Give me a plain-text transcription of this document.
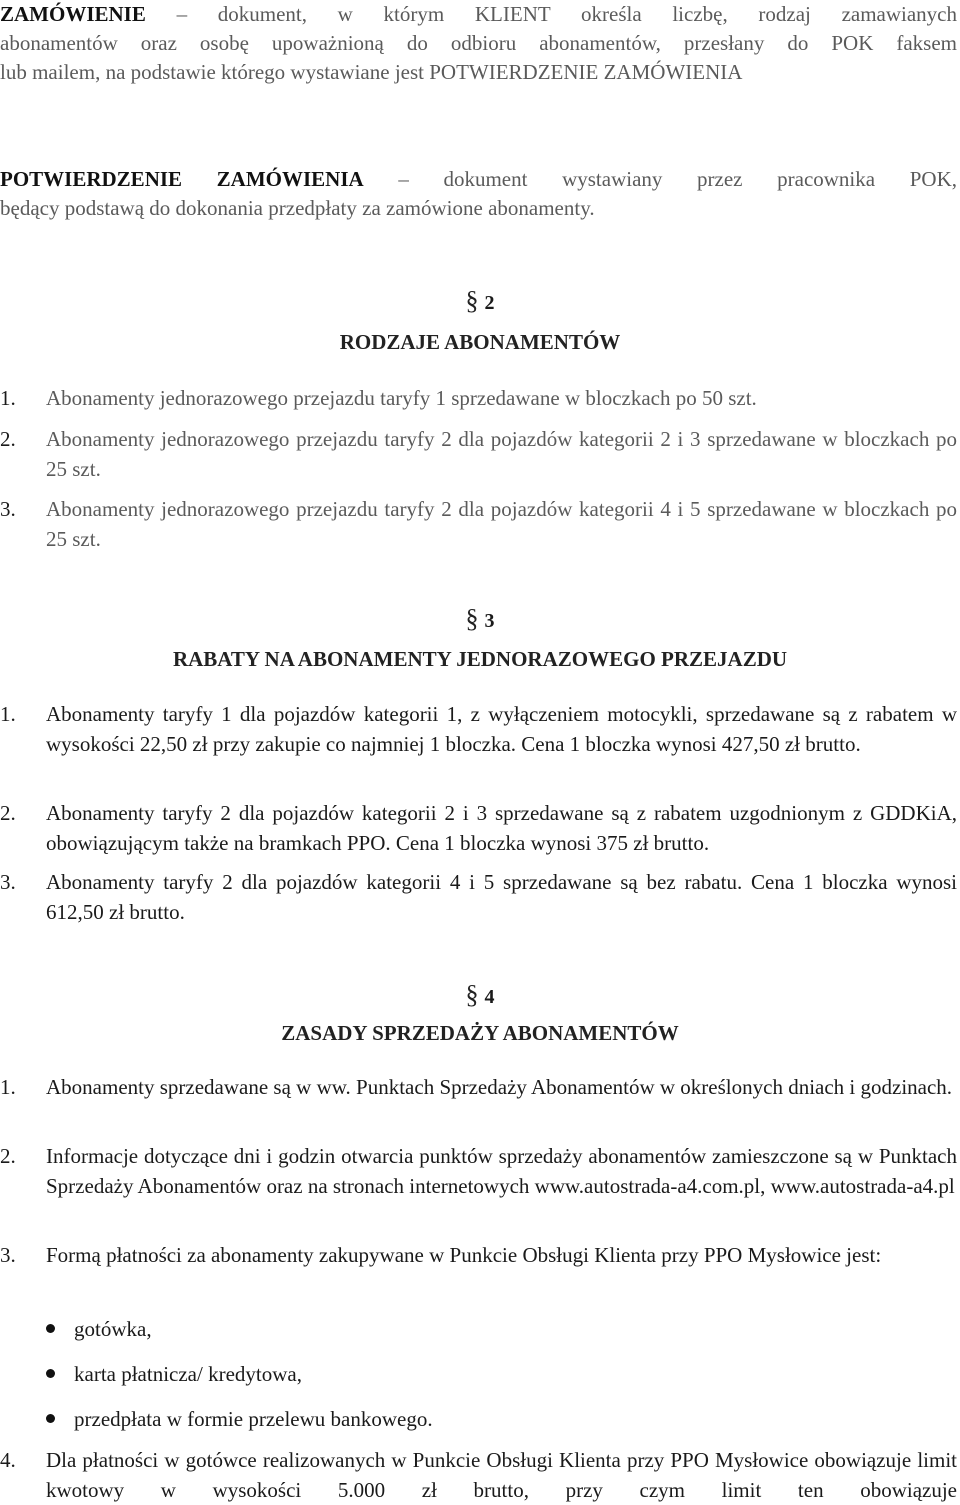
ZAMÓWIENIE – dokument, w którym KLIENT określa liczbę, rodzaj zamawianych
abonamentów oraz osobę upoważnioną do odbioru abonamentów, przesłany do POK faksem
lub mailem, na podstawie którego wystawiane jest POTWIERDZENIE ZAMÓWIENIA
POTWIERDZENIE ZAMÓWIENIA – dokument wystawiany przez pracownika POK,
będący podstawą do dokonania przedpłaty za zamówione abonamenty.
§ 2
RODZAJE ABONAMENTÓW
1.	Abonamenty jednorazowego przejazdu taryfy 1 sprzedawane w bloczkach po 50 szt.
2.	Abonamenty jednorazowego przejazdu taryfy 2 dla pojazdów kategorii 2 i 3 sprzedawane w bloczkach po 25 szt.
3.	Abonamenty jednorazowego przejazdu taryfy 2 dla pojazdów kategorii 4 i 5 sprzedawane w bloczkach po 25 szt.
§ 3
RABATY NA ABONAMENTY JEDNORAZOWEGO PRZEJAZDU
1.	Abonamenty taryfy 1 dla pojazdów kategorii 1, z wyłączeniem motocykli, sprzedawane są z rabatem w wysokości 22,50 zł przy zakupie co najmniej 1 bloczka. Cena 1 bloczka wynosi 427,50 zł brutto.
2.	Abonamenty taryfy 2 dla pojazdów kategorii 2 i 3 sprzedawane są z rabatem uzgodnionym z GDDKiA, obowiązującym także na bramkach PPO. Cena 1 bloczka wynosi 375 zł brutto.
3.	Abonamenty taryfy 2 dla pojazdów kategorii 4 i 5 sprzedawane są bez rabatu. Cena 1 bloczka wynosi 612,50 zł brutto.
§ 4
ZASADY SPRZEDAŻY ABONAMENTÓW
1.	Abonamenty sprzedawane są w ww. Punktach Sprzedaży Abonamentów w określonych dniach i godzinach.
2.	Informacje dotyczące dni i godzin otwarcia punktów sprzedaży abonamentów zamieszczone są w Punktach Sprzedaży Abonamentów oraz na stronach internetowych www.autostrada-a4.com.pl, www.autostrada-a4.pl
3.	Formą płatności za abonamenty zakupywane w Punkcie Obsługi Klienta przy PPO Mysłowice jest:
gotówka,
karta płatnicza/ kredytowa,
przedpłata w formie przelewu bankowego.
4.	Dla płatności w gotówce realizowanych w Punkcie Obsługi Klienta przy PPO Mysłowice obowiązuje limit kwotowy w wysokości 5.000 zł brutto, przy czym limit ten obowiązuje
